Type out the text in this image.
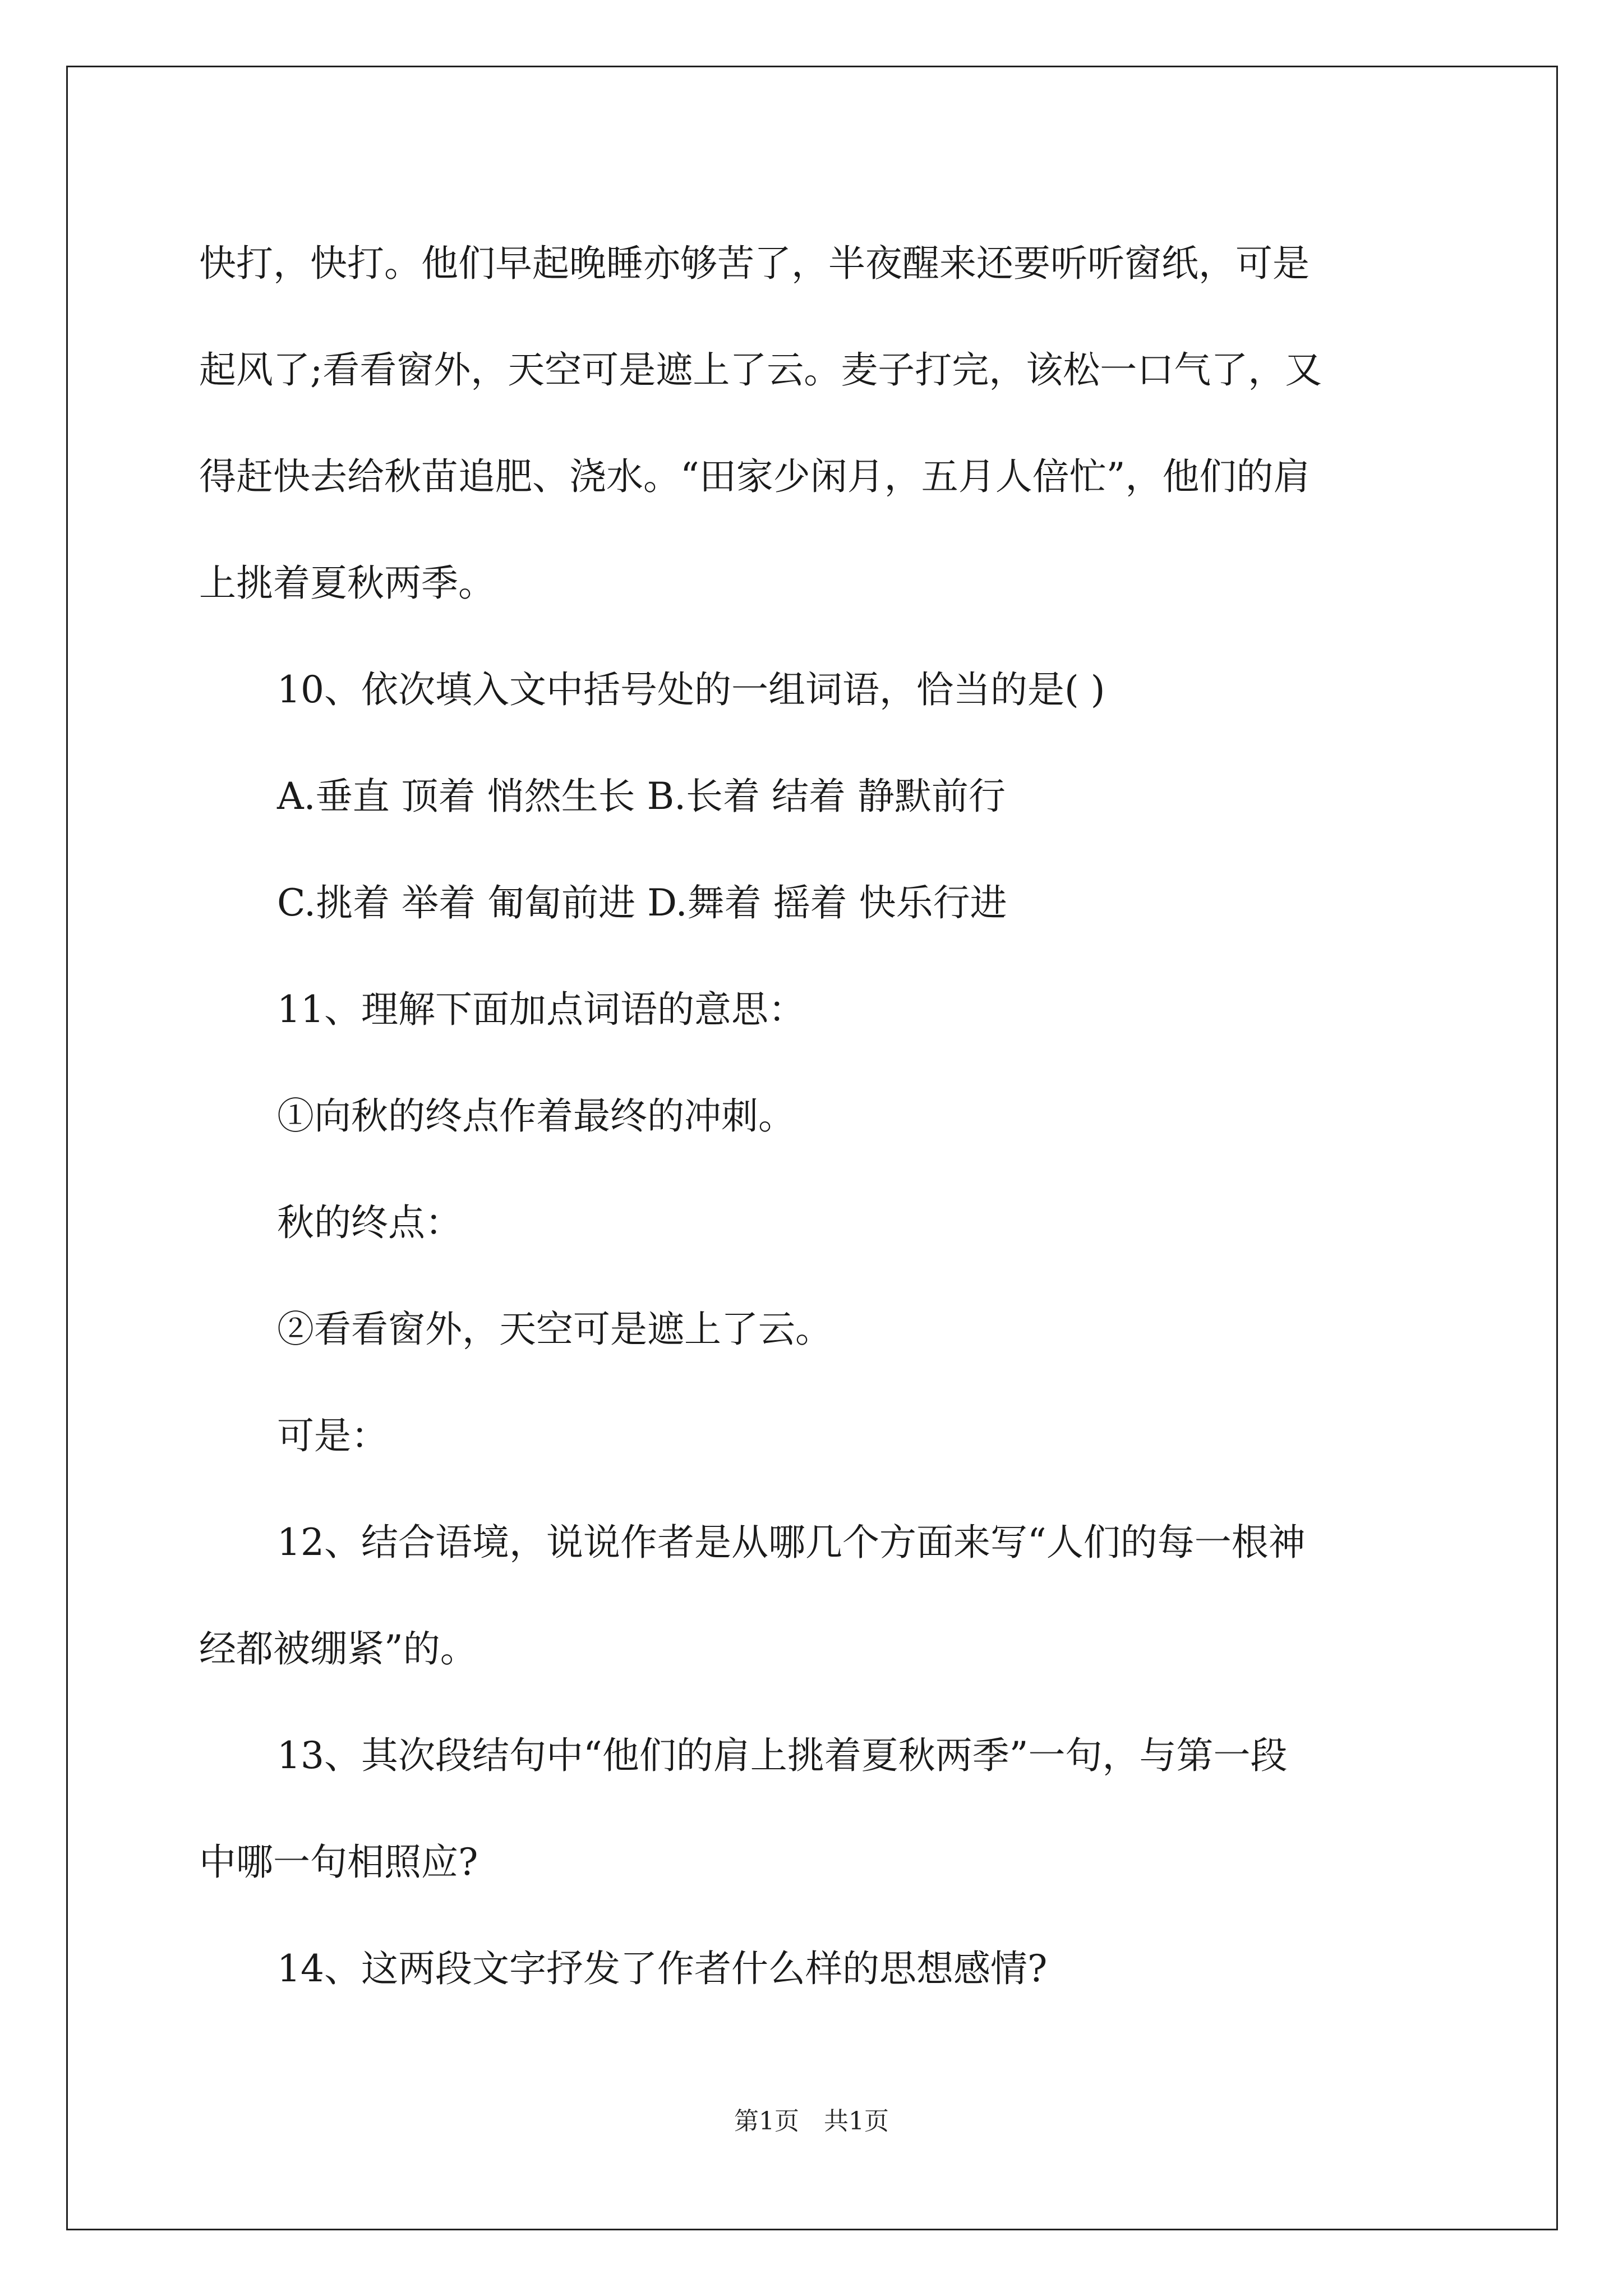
快打，快打。他们早起晚睡亦够苦了，半夜醒来还要听听窗纸，可是

起风了;看看窗外，天空可是遮上了云。麦子打完，该松一口气了，又

得赶快去给秋苗追肥、浇水。“田家少闲月，五月人倍忙”，他们的肩

上挑着夏秋两季。

10、依次填入文中括号处的一组词语，恰当的是( )

A.垂直 顶着 悄然生长 B.长着 结着 静默前行

C.挑着 举着 匍匐前进 D.舞着 摇着 快乐行进

11、理解下面加点词语的意思：

①向秋的终点作着最终的冲刺。

秋的终点：

②看看窗外，天空可是遮上了云。

可是：

12、结合语境，说说作者是从哪几个方面来写“人们的每一根神

经都被绷紧”的。

13、其次段结句中“他们的肩上挑着夏秋两季”一句，与第一段

中哪一句相照应?

14、这两段文字抒发了作者什么样的思想感情?

第1页　共1页
